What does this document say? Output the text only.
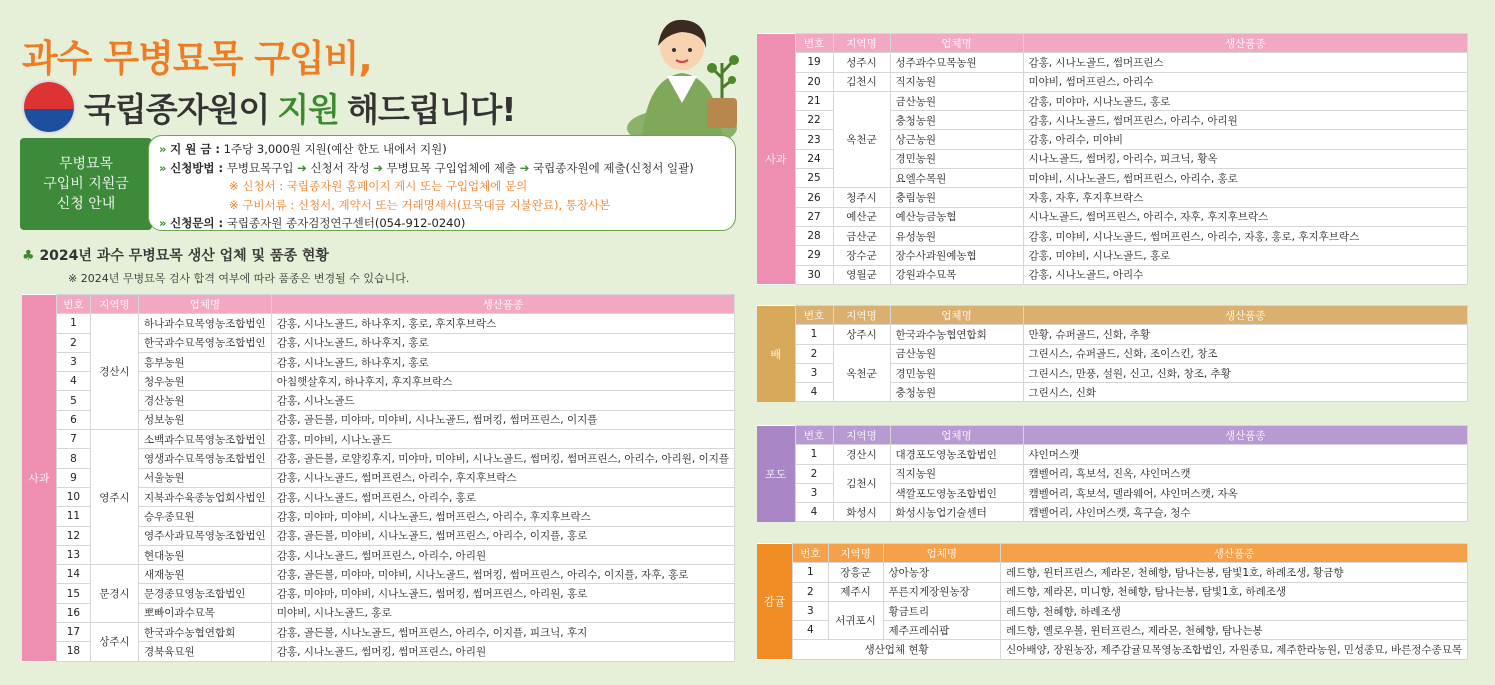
과수 무병묘목 구입비,
국립종자원이 지원 해드립니다!
무병묘목
구입비 지원금
신청 안내
» 지 원 금 : 1주당 3,000원 지원(예산 한도 내에서 지원)
» 신청방법 : 무병묘목구입 ➔ 신청서 작성 ➔ 무병묘목 구입업체에 제출 ➔ 국립종자원에 제출(신청서 일괄)
※ 신청서 : 국립종자원 홈페이지 게시 또는 구입업체에 문의
※ 구비서류 : 신청서, 계약서 또는 거래명세서(묘목대금 지불완료), 통장사본
» 신청문의 : 국립종자원 종자검정연구센터(054-912-0240)
♣ 2024년 과수 무병묘목 생산 업체 및 품종 현황
※ 2024년 무병묘목 검사 합격 여부에 따라 품종은 변경될 수 있습니다.
사과	번호	지역명	업체명	생산품종
	1	경산시	하나과수묘목영농조합법인	감홍, 시나노골드, 하나후지, 홍로, 후지후브락스
	2		한국과수묘목영농조합법인	감홍, 시나노골드, 하나후지, 홍로
	3		흥부농원	감홍, 시나노골드, 하나후지, 홍로
	4		청우농원	아침햇살후지, 하나후지, 후지후브락스
	5		경산농원	감홍, 시나노골드
	6		성보농원	감홍, 골든볼, 미야마, 미야비, 시나노골드, 썸머킹, 썸머프린스, 이지플
	7	영주시	소백과수묘목영농조합법인	감홍, 미야비, 시나노골드
	8		영생과수묘목영농조합법인	감홍, 골든볼, 로얄킹후지, 미야마, 미야비, 시나노골드, 썸머킹, 썸머프린스, 아리수, 아리원, 이지플
	9		서울농원	감홍, 시나노골드, 썸머프린스, 아리수, 후지후브락스
	10		지북과수육종농업회사법인	감홍, 시나노골드, 썸머프린스, 아리수, 홍로
	11		승우종묘원	감홍, 미야마, 미야비, 시나노골드, 썸머프린스, 아리수, 후지후브락스
	12		영주사과묘목영농조합법인	감홍, 골든볼, 미야비, 시나노골드, 썸머프린스, 아리수, 이지플, 홍로
	13		현대농원	감홍, 시나노골드, 썸머프린스, 아리수, 아리원
	14	문경시	새재농원	감홍, 골든볼, 미야마, 미야비, 시나노골드, 썸머킹, 썸머프린스, 아리수, 이지플, 자후, 홍로
	15		문경종묘영농조합법인	감홍, 미야마, 미야비, 시나노골드, 썸머킹, 썸머프린스, 아리원, 홍로
	16		뽀빠이과수묘목	미야비, 시나노골드, 홍로
	17	상주시	한국과수농협연합회	감홍, 골든볼, 시나노골드, 썸머프린스, 아리수, 이지플, 피크닉, 후지
	18		경북육묘원	감홍, 시나노골드, 썸머킹, 썸머프린스, 아리원
사과	번호	지역명	업체명	생산품종
	19	성주시	성주과수묘목농원	감홍, 시나노골드, 썸머프린스
	20	김천시	직지농원	미야비, 썸머프린스, 아리수
	21	옥천군	금산농원	감홍, 미야마, 시나노골드, 홍로
	22		충청농원	감홍, 시나노골드, 썸머프린스, 아리수, 아리원
	23		상근농원	감홍, 아리수, 미야비
	24		경민농원	시나노골드, 썸머킹, 아리수, 피크닉, 황옥
	25		요엘수목원	미야비, 시나노골드, 썸머프린스, 아리수, 홍로
	26	청주시	충림농원	자홍, 자후, 후지후브락스
	27	예산군	예산능금농협	시나노골드, 썸머프린스, 아리수, 자후, 후지후브락스
	28	금산군	유성농원	감홍, 미야비, 시나노골드, 썸머프린스, 아리수, 자홍, 홍로, 후지후브락스
	29	장수군	장수사과원예농협	감홍, 미야비, 시나노골드, 홍로
	30	영월군	강원과수묘목	감홍, 시나노골드, 아리수
배	번호	지역명	업체명	생산품종
	1	상주시	한국과수농협연합회	만황, 슈퍼골드, 신화, 추황
	2	옥천군	금산농원	그린시스, 슈퍼골드, 신화, 조이스킨, 창조
	3		경민농원	그린시스, 만풍, 설원, 신고, 신화, 창조, 추황
	4		충청농원	그린시스, 신화
포도	번호	지역명	업체명	생산품종
	1	경산시	대경포도영농조합법인	샤인머스캣
	2	김천시	직지농원	캠벨어리, 흑보석, 진옥, 샤인머스캣
	3		색깔포도영농조합법인	캠벨어리, 흑보석, 델라웨어, 샤인머스캣, 자옥
	4	화성시	화성시농업기술센터	캠벨어리, 샤인머스캣, 흑구슬, 청수
감귤	번호	지역명	업체명	생산품종
	1	장흥군	상아농장	레드향, 윈터프린스, 제라몬, 천혜향, 탐나는봉, 탐빛1호, 하례조생, 황금향
	2	제주시	푸른지게장원농장	레드향, 제라몬, 미니향, 천혜향, 탐나는봉, 탐빛1호, 하례조생
	3	서귀포시	황금트리	레드향, 천혜향, 하례조생
	4		제주프레쉬팝	레드향, 옐로우볼, 윈터프린스, 제라몬, 천혜향, 탐나는봉
	생산업체 현황			신아배양, 장원농장, 제주감귤묘목영농조합법인, 자원종묘, 제주한라농원, 민성종묘, 바른정수종묘목
